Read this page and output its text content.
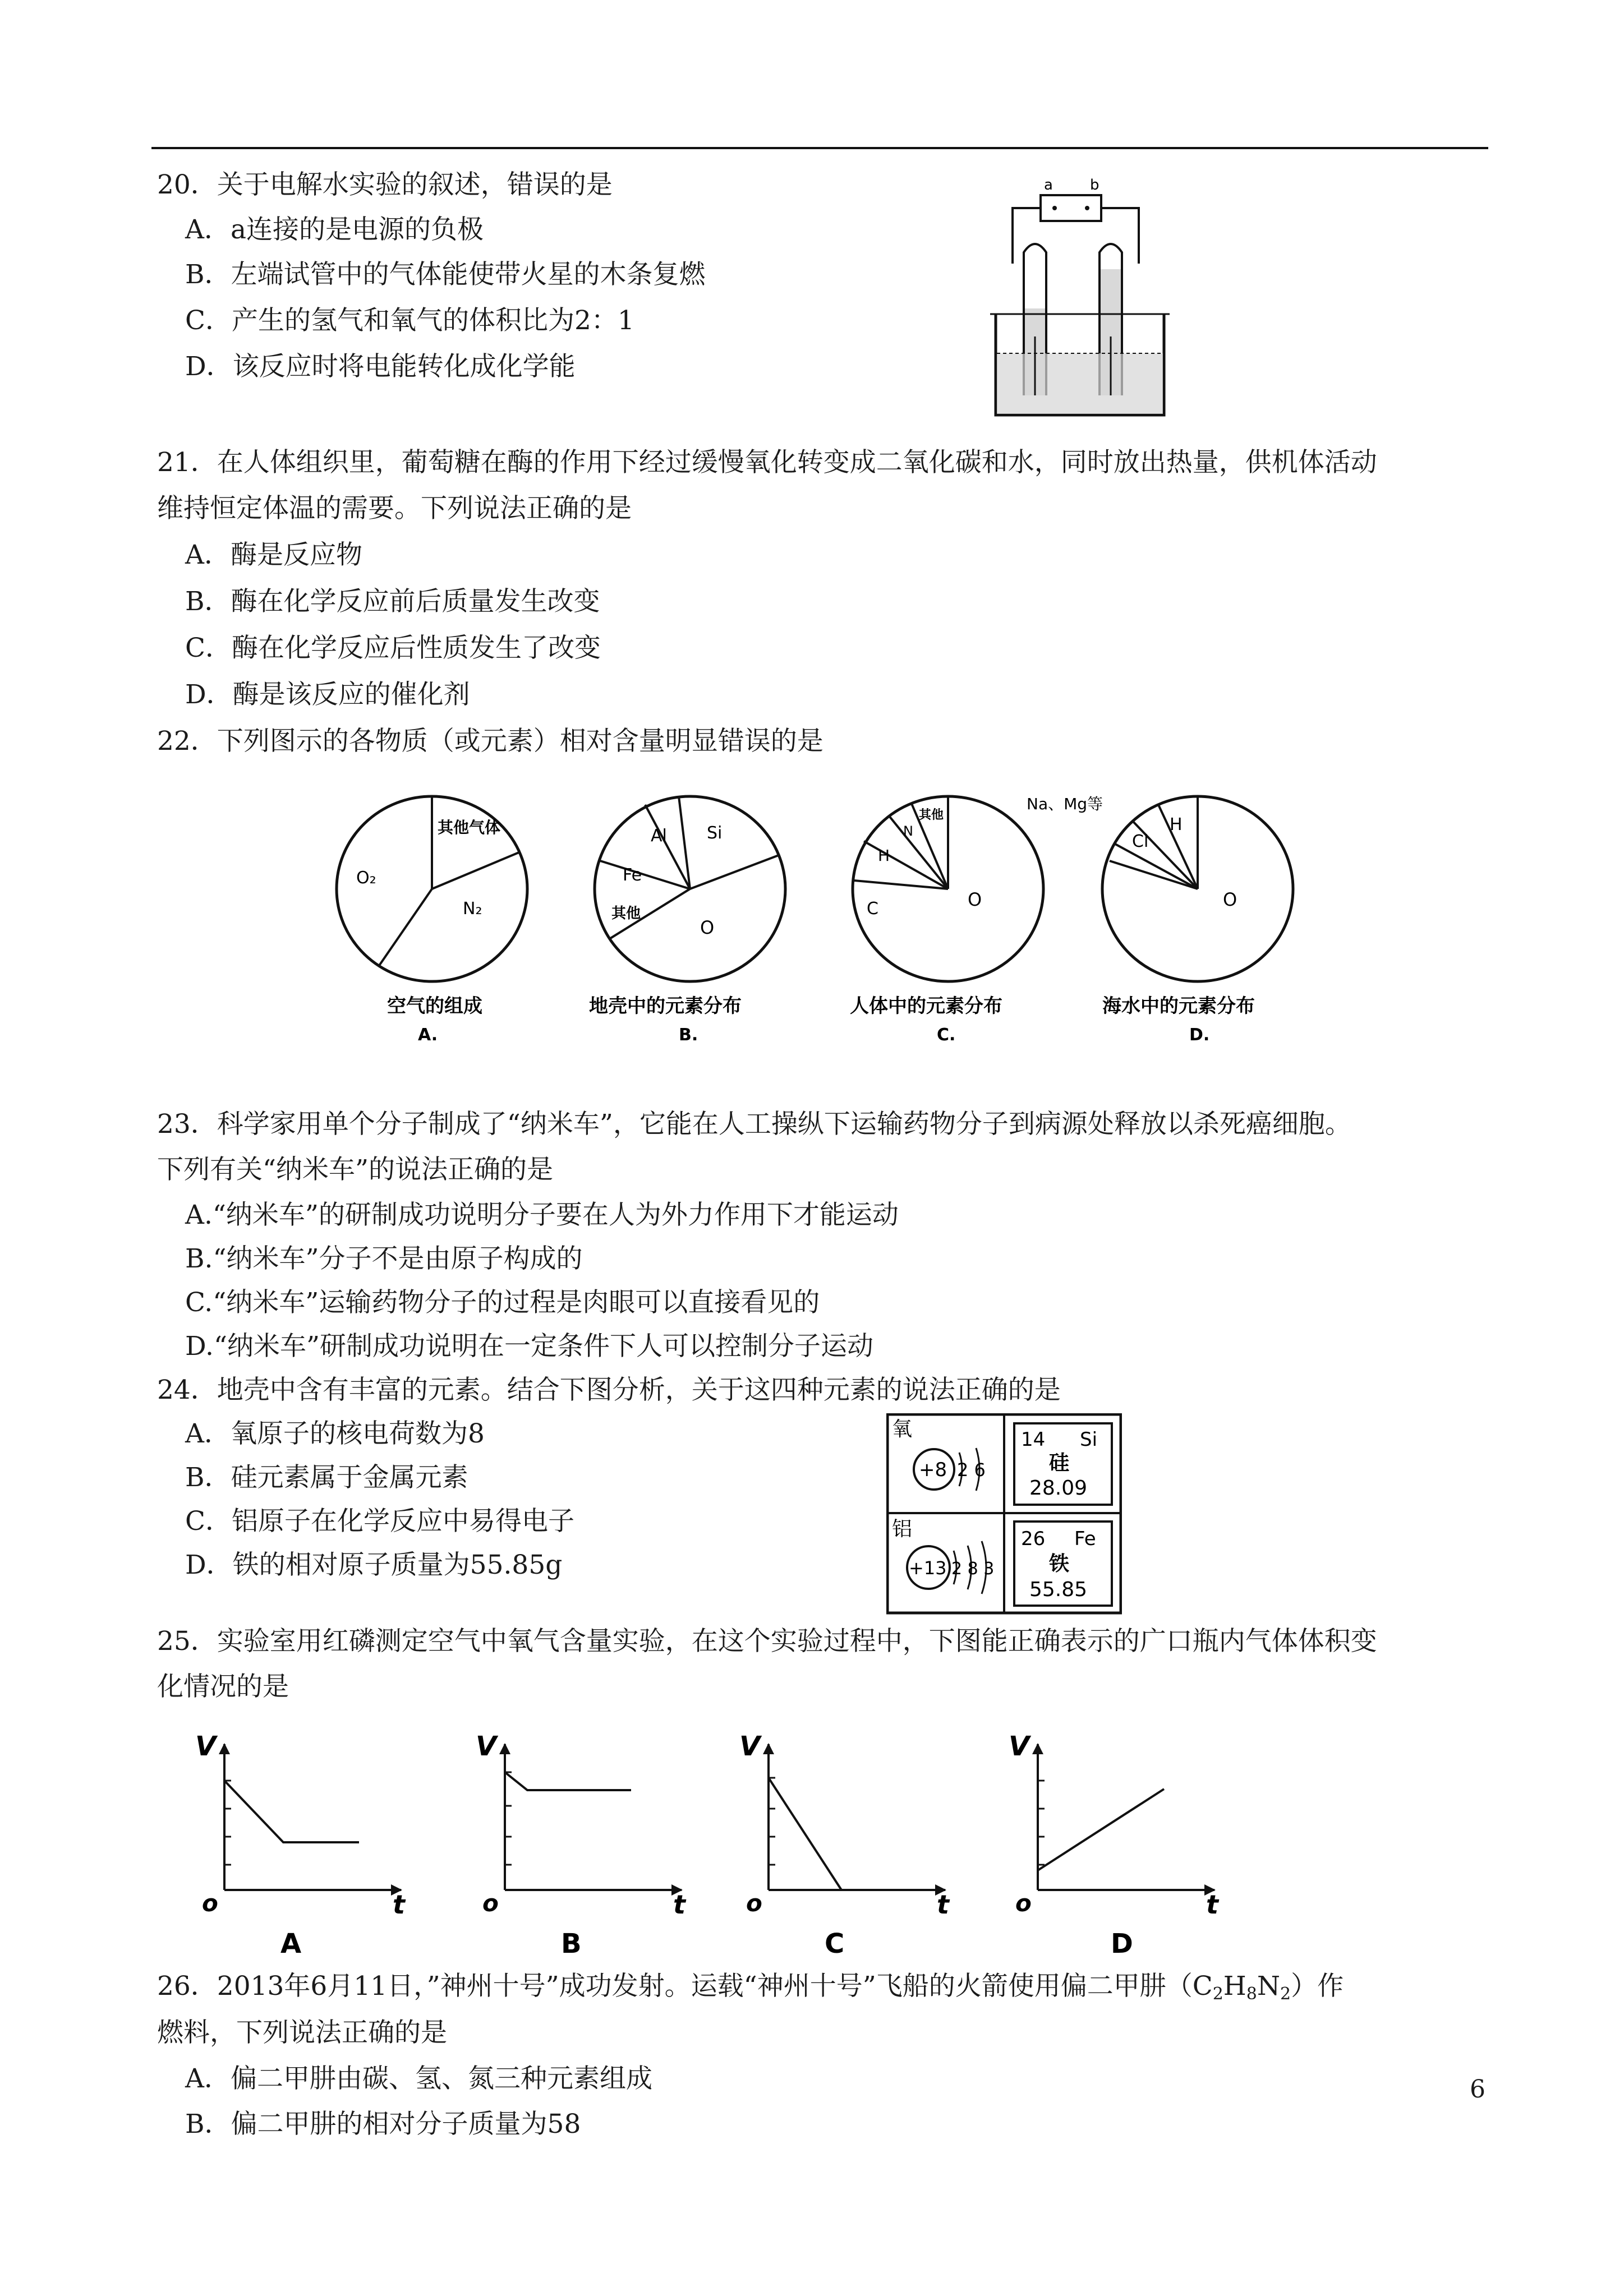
20．关于电解水实验的叙述，错误的是
A．a连接的是电源的负极
B．左端试管中的气体能使带火星的木条复燃
C．产生的氢气和氧气的体积比为2：1
D．该反应时将电能转化成化学能
a	b
21．在人体组织里，葡萄糖在酶的作用下经过缓慢氧化转变成二氧化碳和水，同时放出热量，供机体活动
维持恒定体温的需要。下列说法正确的是
A．酶是反应物
B．酶在化学反应前后质量发生改变
C．酶在化学反应后性质发生了改变
D．酶是该反应的催化剂
22．下列图示的各物质（或元素）相对含量明显错误的是
其他气体
O₂
N₂
空气的组成
A.
Al Si
Fe
其他
O
地壳中的元素分布
B.
其他
N
H
C	O
人体中的元素分布
C.
Na、Mg等
Cl
H
O
海水中的元素分布
D.
23．科学家用单个分子制成了“纳米车”，它能在人工操纵下运输药物分子到病源处释放以杀死癌细胞。
下列有关“纳米车”的说法正确的是
A.“纳米车”的研制成功说明分子要在人为外力作用下才能运动
B.“纳米车”分子不是由原子构成的
C.“纳米车”运输药物分子的过程是肉眼可以直接看见的
D.“纳米车”研制成功说明在一定条件下人可以控制分子运动
24．地壳中含有丰富的元素。结合下图分析，关于这四种元素的说法正确的是
A．氧原子的核电荷数为8
B．硅元素属于金属元素
C．铝原子在化学反应中易得电子
D．铁的相对原子质量为55.85g
氧
+8 2 6
14 Si
硅
28.09
铝
+13 2 8 3
26 Fe
铁
55.85
25．实验室用红磷测定空气中氧气含量实验，在这个实验过程中，下图能正确表示的广口瓶内气体体积变
化情况的是
V
t
o
A
V
t
o
B
V
t
o
C
V
t
o
D
26．2013年6月11日，”神州十号”成功发射。运载“神州十号”飞船的火箭使用偏二甲肼$(C_2H_8N_2)$作
燃料，下列说法正确的是
A．偏二甲肼由碳、氢、氮三种元素组成
B．偏二甲肼的相对分子质量为58
6
